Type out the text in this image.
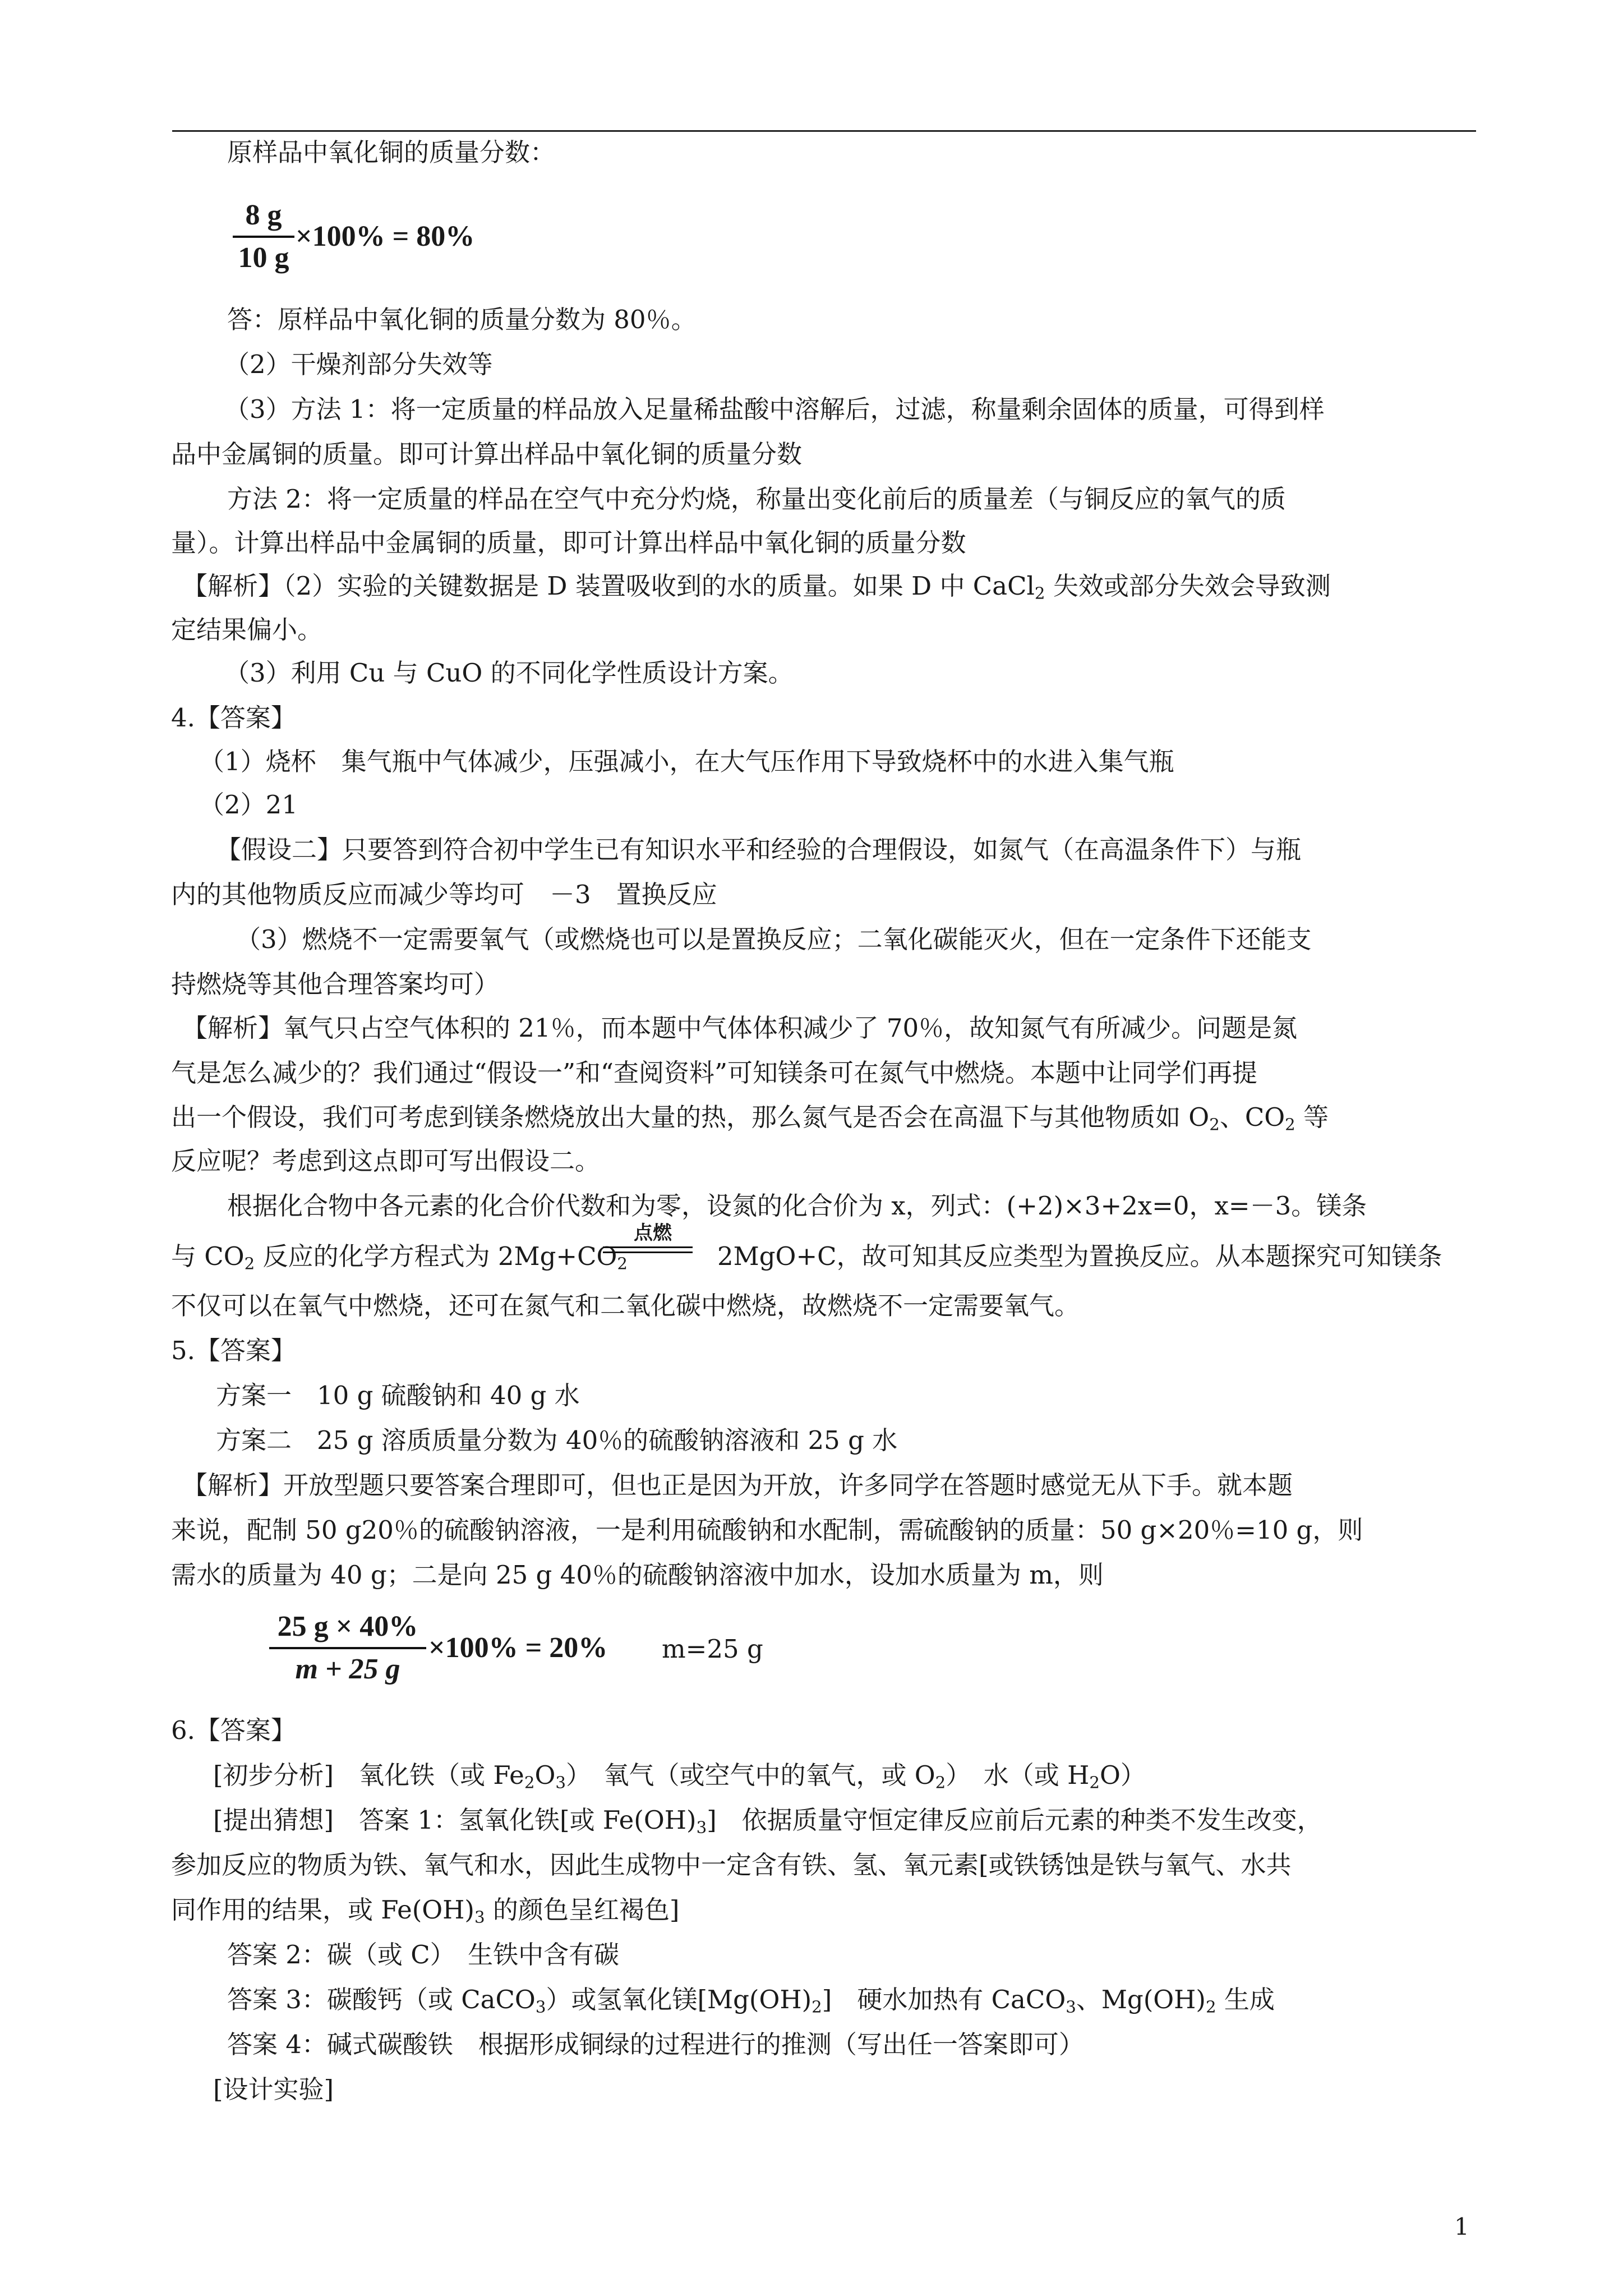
原样品中氧化铜的质量分数：
8 g
10 g
×100% = 80%
答：原样品中氧化铜的质量分数为 80％。
（2）干燥剂部分失效等
（3）方法 1：将一定质量的样品放入足量稀盐酸中溶解后，过滤，称量剩余固体的质量，可得到样
品中金属铜的质量。即可计算出样品中氧化铜的质量分数
方法 2：将一定质量的样品在空气中充分灼烧，称量出变化前后的质量差（与铜反应的氧气的质
量）。计算出样品中金属铜的质量，即可计算出样品中氧化铜的质量分数
【解析】（2）实验的关键数据是 D 装置吸收到的水的质量。如果 D 中 CaCl$_2$ 失效或部分失效会导致测
定结果偏小。
（3）利用 Cu 与 CuO 的不同化学性质设计方案。
4.【答案】
（1）烧杯　集气瓶中气体减少，压强减小，在大气压作用下导致烧杯中的水进入集气瓶
（2）21
【假设二】只要答到符合初中学生已有知识水平和经验的合理假设，如氮气（在高温条件下）与瓶
内的其他物质反应而减少等均可　－3　置换反应
（3）燃烧不一定需要氧气（或燃烧也可以是置换反应；二氧化碳能灭火，但在一定条件下还能支
持燃烧等其他合理答案均可）
【解析】氧气只占空气体积的 21％，而本题中气体体积减少了 70％，故知氮气有所减少。问题是氮
气是怎么减少的？我们通过“假设一”和“查阅资料”可知镁条可在氮气中燃烧。本题中让同学们再提
出一个假设，我们可考虑到镁条燃烧放出大量的热，那么氮气是否会在高温下与其他物质如 $O_2$、$CO_2$ 等
反应呢？考虑到这点即可写出假设二。
根据化合物中各元素的化合价代数和为零，设氮的化合价为 x，列式：(+2)×3+2x=0，x=－3。镁条
与 $CO_2$ 反应的化学方程式为 $2Mg+CO_2$	2MgO+C，故可知其反应类型为置换反应。从本题探究可知镁条
点燃
不仅可以在氧气中燃烧，还可在氮气和二氧化碳中燃烧，故燃烧不一定需要氧气。
5.【答案】
方案一　10 g 硫酸钠和 40 g 水
方案二　25 g 溶质质量分数为 40％的硫酸钠溶液和 25 g 水
【解析】开放型题只要答案合理即可，但也正是因为开放，许多同学在答题时感觉无从下手。就本题
来说，配制 50 g20％的硫酸钠溶液，一是利用硫酸钠和水配制，需硫酸钠的质量：50 g×20％=10 g，则
需水的质量为 40 g；二是向 25 g 40％的硫酸钠溶液中加水，设加水质量为 m，则
25 g × 40%
m + 25 g
×100% = 20% m=25 g
6.【答案】
[初步分析]　氧化铁（或 $Fe_2O_3$）　氧气（或空气中的氧气，或 $O_2$）　水（或 $H_2O$）
[提出猜想]　答案 1：氢氧化铁[或 $Fe(OH)_3$]　依据质量守恒定律反应前后元素的种类不发生改变，
参加反应的物质为铁、氧气和水，因此生成物中一定含有铁、氢、氧元素[或铁锈蚀是铁与氧气、水共
同作用的结果，或 $Fe(OH)_3$ 的颜色呈红褐色]
答案 2：碳（或 C）　生铁中含有碳
答案 3：碳酸钙（或 CaCO$_3$）或氢氧化镁$[Mg(OH)_2]$　硬水加热有 CaCO$_3$、$Mg(OH)_2$ 生成
答案 4：碱式碳酸铁　根据形成铜绿的过程进行的推测（写出任一答案即可）
[设计实验]
1
